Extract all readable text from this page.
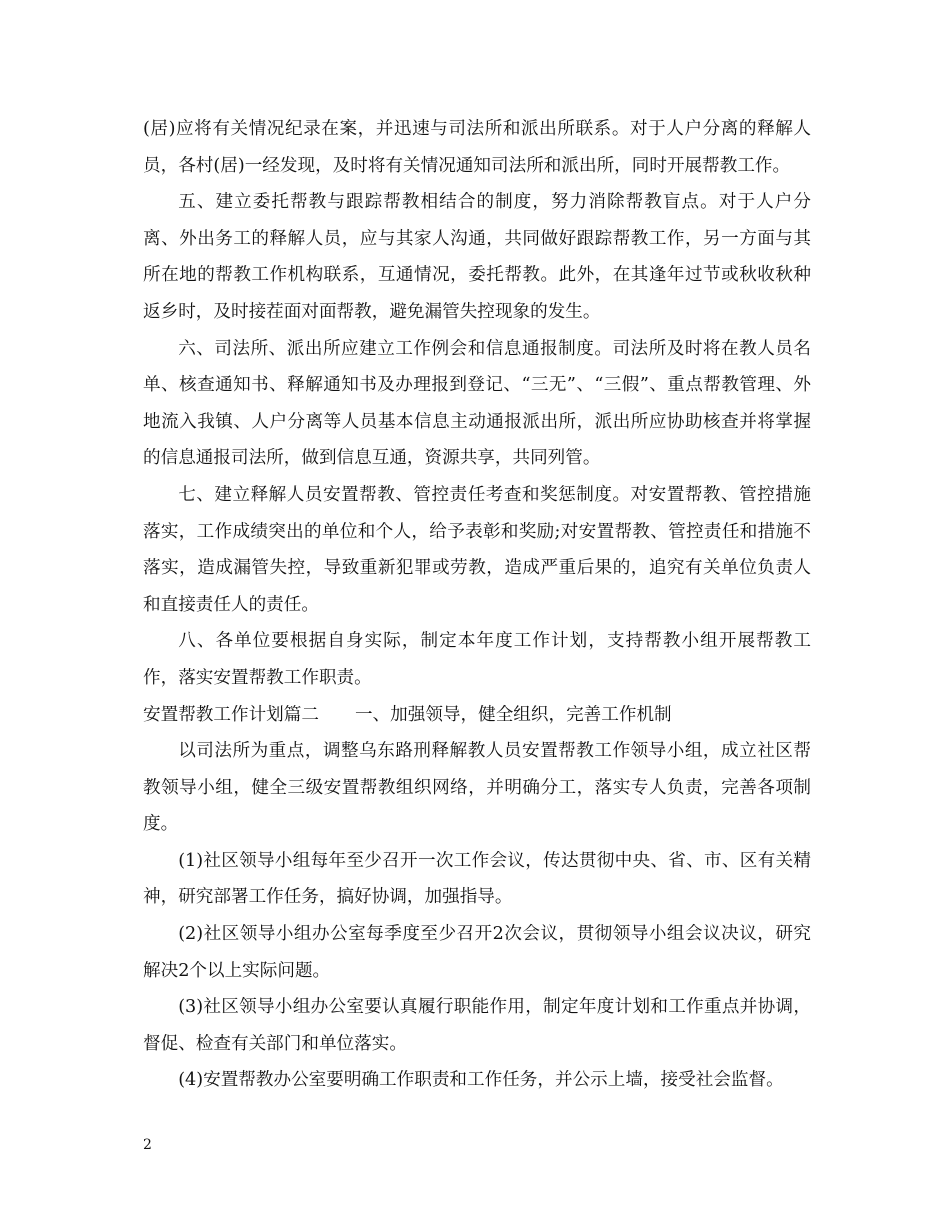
(居)应将有关情况纪录在案，并迅速与司法所和派出所联系。对于人户分离的释解人员，各村(居)一经发现，及时将有关情况通知司法所和派出所，同时开展帮教工作。

五、建立委托帮教与跟踪帮教相结合的制度，努力消除帮教盲点。对于人户分离、外出务工的释解人员，应与其家人沟通，共同做好跟踪帮教工作，另一方面与其所在地的帮教工作机构联系，互通情况，委托帮教。此外，在其逢年过节或秋收秋种返乡时，及时接茬面对面帮教，避免漏管失控现象的发生。

六、司法所、派出所应建立工作例会和信息通报制度。司法所及时将在教人员名单、核查通知书、释解通知书及办理报到登记、“三无”、“三假”、重点帮教管理、外地流入我镇、人户分离等人员基本信息主动通报派出所，派出所应协助核查并将掌握的信息通报司法所，做到信息互通，资源共享，共同列管。

七、建立释解人员安置帮教、管控责任考查和奖惩制度。对安置帮教、管控措施落实，工作成绩突出的单位和个人，给予表彰和奖励;对安置帮教、管控责任和措施不落实，造成漏管失控，导致重新犯罪或劳教，造成严重后果的，追究有关单位负责人和直接责任人的责任。

八、各单位要根据自身实际，制定本年度工作计划，支持帮教小组开展帮教工作，落实安置帮教工作职责。

安置帮教工作计划篇二 一、加强领导，健全组织，完善工作机制

以司法所为重点，调整乌东路刑释解教人员安置帮教工作领导小组，成立社区帮教领导小组，健全三级安置帮教组织网络，并明确分工，落实专人负责，完善各项制度。

(1)社区领导小组每年至少召开一次工作会议，传达贯彻中央、省、市、区有关精神，研究部署工作任务，搞好协调，加强指导。

(2)社区领导小组办公室每季度至少召开2次会议，贯彻领导小组会议决议，研究解决2个以上实际问题。

(3)社区领导小组办公室要认真履行职能作用，制定年度计划和工作重点并协调，督促、检查有关部门和单位落实。

(4)安置帮教办公室要明确工作职责和工作任务，并公示上墙，接受社会监督。

2
